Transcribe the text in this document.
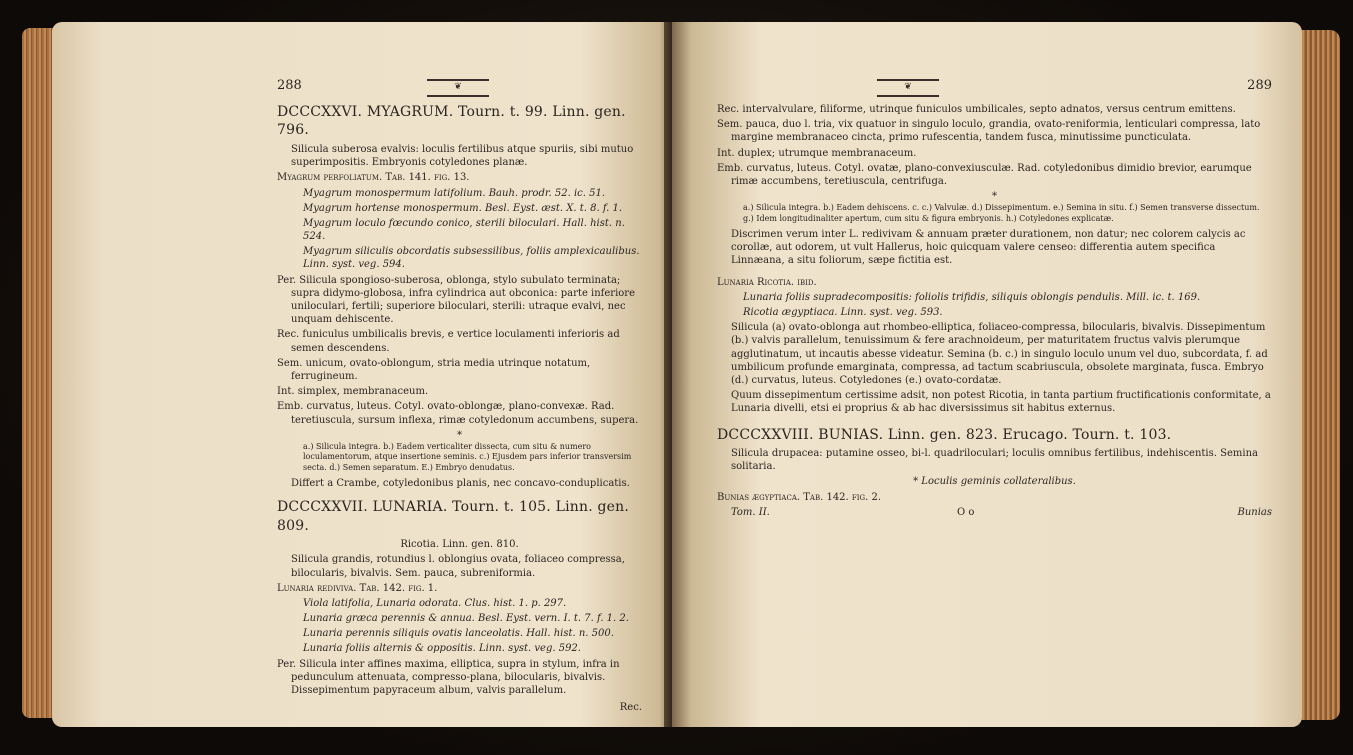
288	❦
DCCCXXVI. MYAGRUM. Tourn. t. 99. Linn. gen. 796.

Silicula suberosa evalvis: loculis fertilibus atque spuriis, sibi mutuo superimpositis. Embryonis cotyledones planæ.

Myagrum perfoliatum. Tab. 141. fig. 13.

Myagrum monospermum latifolium. Bauh. prodr. 52. ic. 51.

Myagrum hortense monospermum. Besl. Eyst. æst. X. t. 8. f. 1.

Myagrum loculo fœcundo conico, sterili biloculari. Hall. hist. n. 524.

Myagrum siliculis obcordatis subsessilibus, foliis amplexicaulibus. Linn. syst. veg. 594.

Per. Silicula spongioso-suberosa, oblonga, stylo subulato terminata; supra didymo-globosa, infra cylindrica aut obconica: parte inferiore uniloculari, fertili; superiore biloculari, sterili: utraque evalvi, nec unquam dehiscente.

Rec. funiculus umbilicalis brevis, e vertice loculamenti inferioris ad semen descendens.

Sem. unicum, ovato-oblongum, stria media utrinque notatum, ferrugineum.

Int. simplex, membranaceum.

Emb. curvatus, luteus. Cotyl. ovato-oblongæ, plano-convexæ. Rad. teretiuscula, sursum inflexa, rimæ cotyledonum accumbens, supera.

*

a.) Silicula integra. b.) Eadem verticaliter dissecta, cum situ & numero loculamentorum, atque insertione seminis. c.) Ejusdem pars inferior transversim secta. d.) Semen separatum. E.) Embryo denudatus.

Differt a Crambe, cotyledonibus planis, nec concavo-conduplicatis.

DCCCXXVII. LUNARIA. Tourn. t. 105. Linn. gen. 809.

Ricotia. Linn. gen. 810.

Silicula grandis, rotundius l. oblongius ovata, foliaceo compressa, bilocularis, bivalvis. Sem. pauca, subreniformia.

Lunaria rediviva. Tab. 142. fig. 1.

Viola latifolia, Lunaria odorata. Clus. hist. 1. p. 297.

Lunaria græca perennis & annua. Besl. Eyst. vern. I. t. 7. f. 1. 2.

Lunaria perennis siliquis ovatis lanceolatis. Hall. hist. n. 500.

Lunaria foliis alternis & oppositis. Linn. syst. veg. 592.

Per. Silicula inter affines maxima, elliptica, supra in stylum, infra in pedunculum attenuata, compresso-plana, bilocularis, bivalvis. Dissepimentum papyraceum album, valvis parallelum.

Rec.

❦	289

Rec. intervalvulare, filiforme, utrinque funiculos umbilicales, septo adnatos, versus centrum emittens.

Sem. pauca, duo l. tria, vix quatuor in singulo loculo, grandia, ovato-reniformia, lenticulari compressa, lato margine membranaceo cincta, primo rufescentia, tandem fusca, minutissime puncticulata.

Int. duplex; utrumque membranaceum.

Emb. curvatus, luteus. Cotyl. ovatæ, plano-convexiusculæ. Rad. cotyledonibus dimidio brevior, earumque rimæ accumbens, teretiuscula, centrifuga.

*

a.) Silicula integra. b.) Eadem dehiscens. c. c.) Valvulæ. d.) Dissepimentum. e.) Semina in situ. f.) Semen transverse dissectum. g.) Idem longitudinaliter apertum, cum situ & figura embryonis. h.) Cotyledones explicatæ.

Discrimen verum inter L. redivivam & annuam præter durationem, non datur; nec colorem calycis ac corollæ, aut odorem, ut vult Hallerus, hoic quicquam valere censeo: differentia autem specifica Linnæana, a situ foliorum, sæpe fictitia est.

Lunaria Ricotia. ibid.

Lunaria foliis supradecompositis: foliolis trifidis, siliquis oblongis pendulis. Mill. ic. t. 169.

Ricotia ægyptiaca. Linn. syst. veg. 593.

Silicula (a) ovato-oblonga aut rhombeo-elliptica, foliaceo-compressa, bilocularis, bivalvis. Dissepimentum (b.) valvis parallelum, tenuissimum & fere arachnoideum, per maturitatem fructus valvis plerumque agglutinatum, ut incautis abesse videatur. Semina (b. c.) in singulo loculo unum vel duo, subcordata, f. ad umbilicum profunde emarginata, compressa, ad tactum scabriuscula, obsolete marginata, fusca. Embryo (d.) curvatus, luteus. Cotyledones (e.) ovato-cordatæ.

Quum dissepimentum certissime adsit, non potest Ricotia, in tanta partium fructificationis conformitate, a Lunaria divelli, etsi ei proprius & ab hac diversissimus sit habitus externus.

DCCCXXVIII. BUNIAS. Linn. gen. 823. Erucago. Tourn. t. 103.

Silicula drupacea: putamine osseo, bi-l. quadriloculari; loculis omnibus fertilibus, indehiscentis. Semina solitaria.

* Loculis geminis collateralibus.

Bunias ægyptiaca. Tab. 142. fig. 2.

Tom. II.	O o	Bunias
